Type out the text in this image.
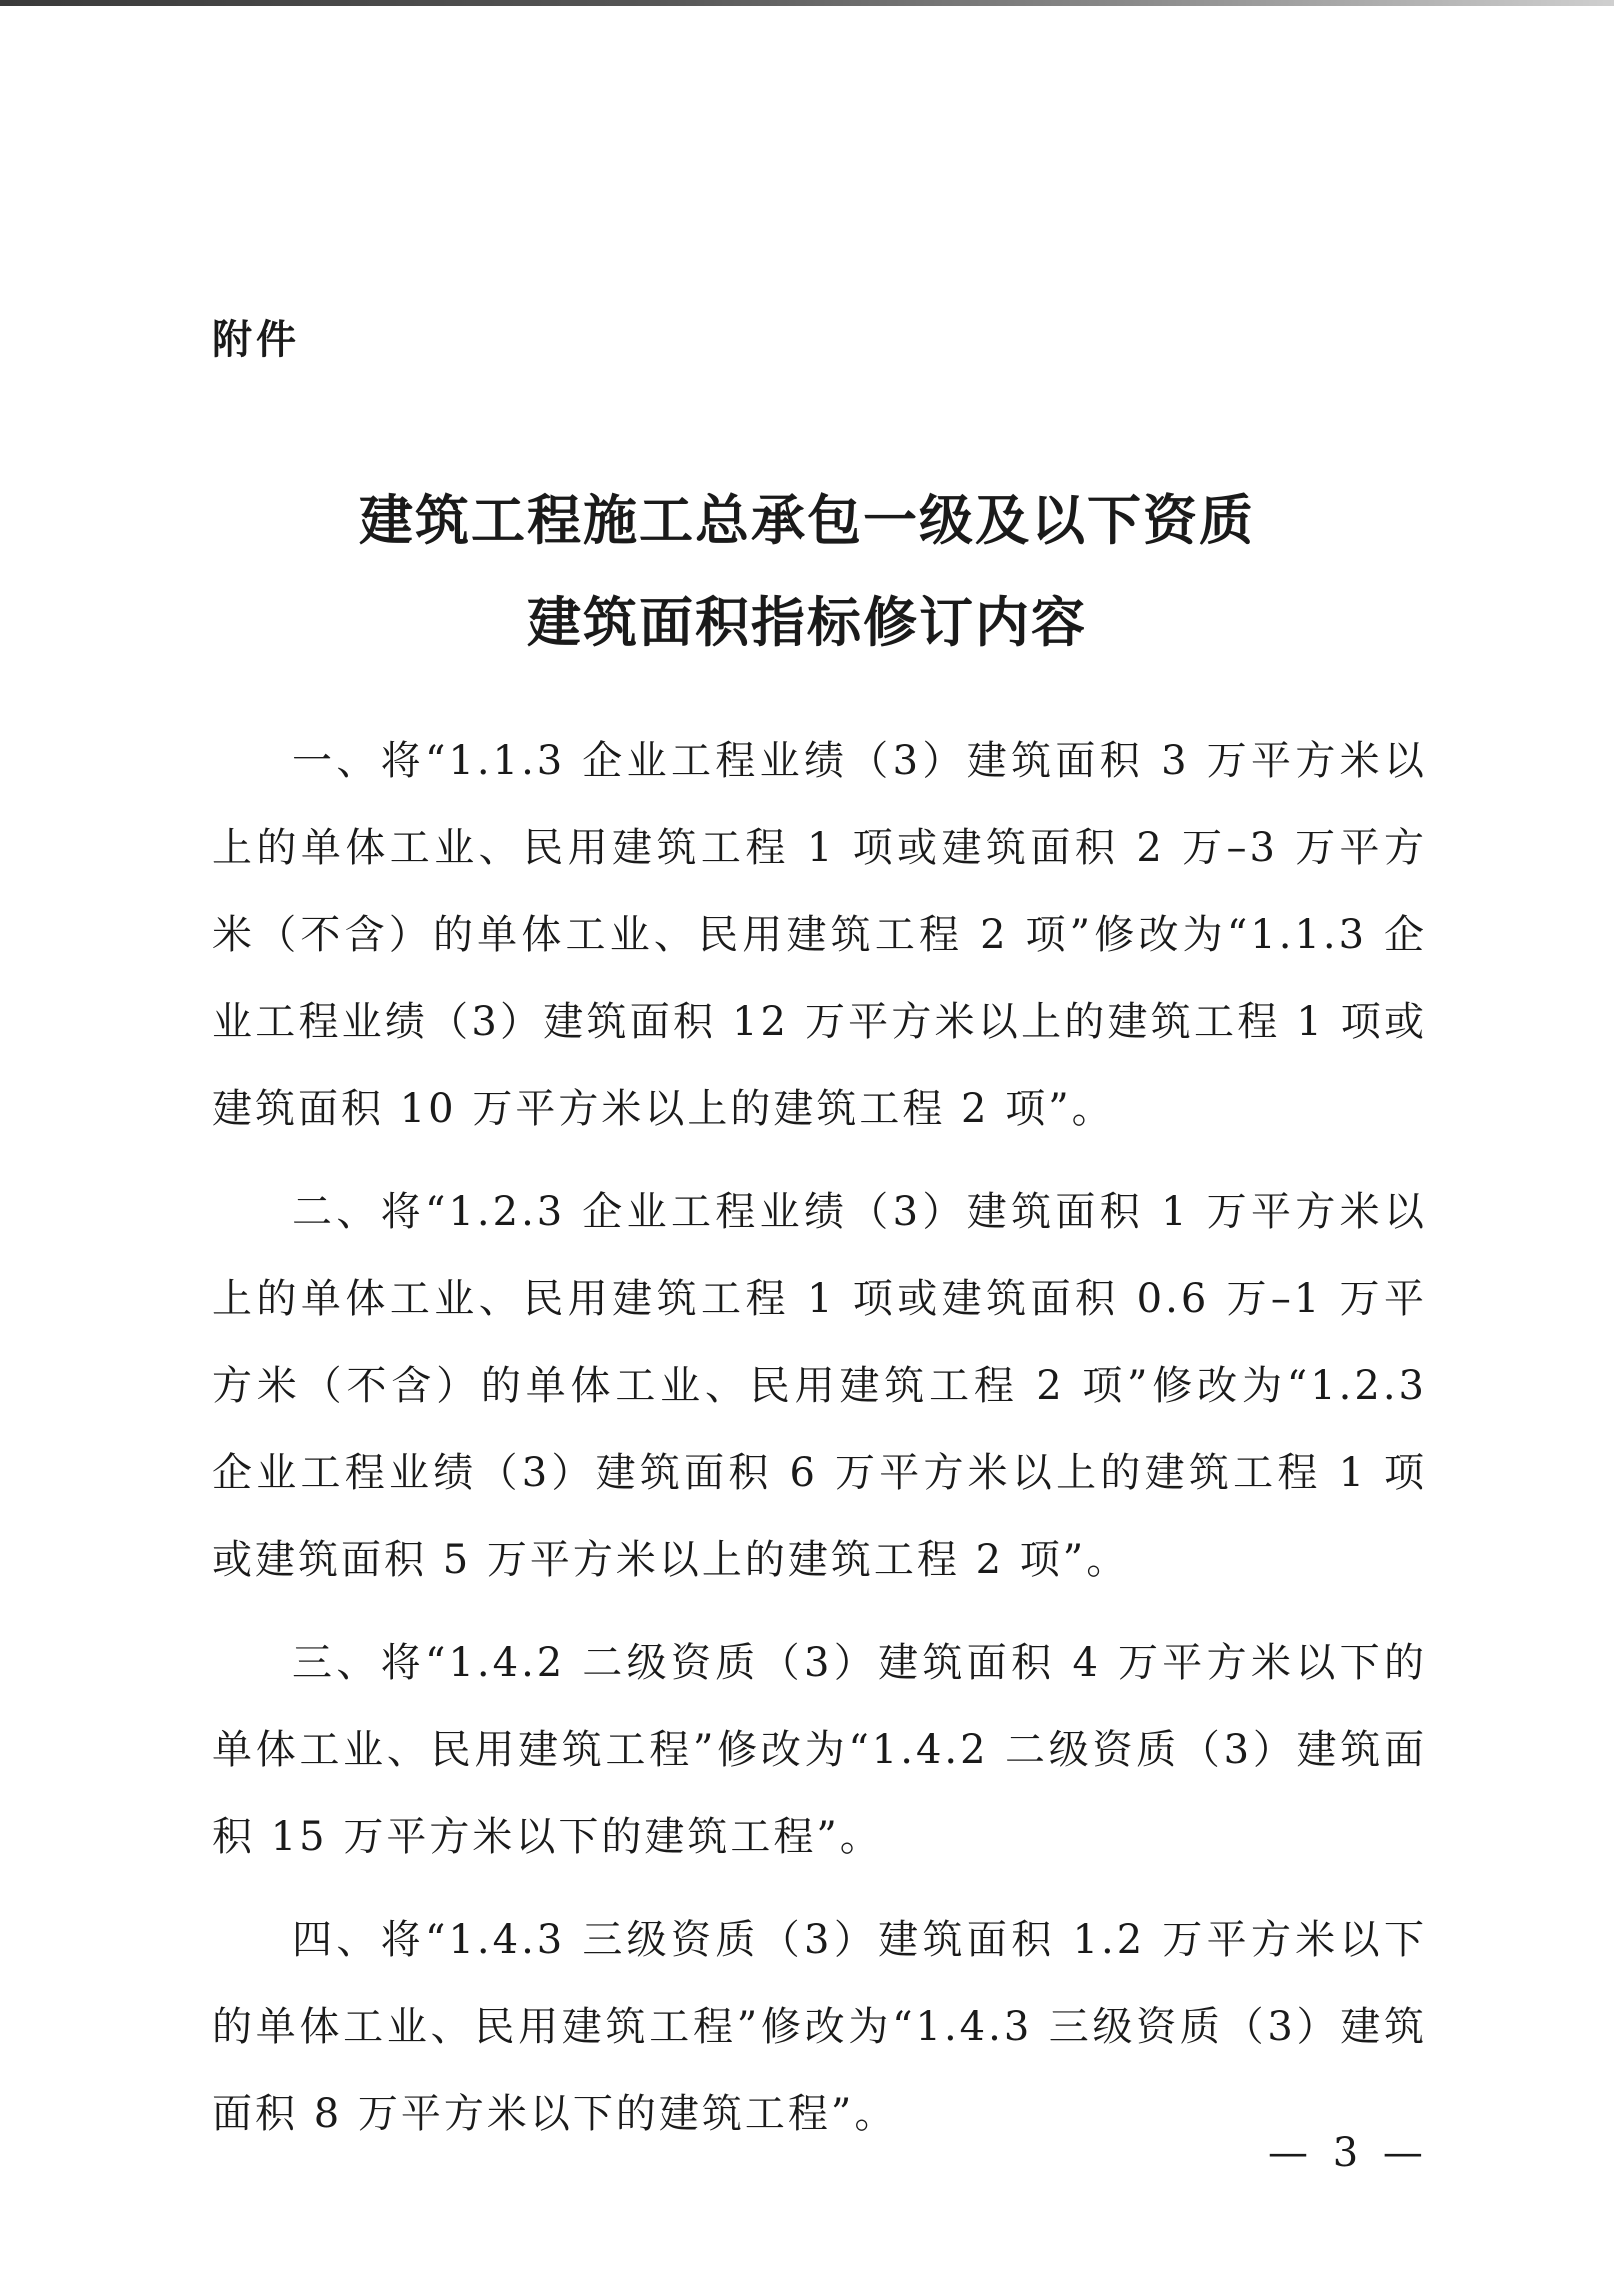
附件
建筑工程施工总承包一级及以下资质
建筑面积指标修订内容

一、将“1.1.3 企业工程业绩（3）建筑面积 3 万平方米以上的单体工业、民用建筑工程 1 项或建筑面积 2 万–3 万平方米（不含）的单体工业、民用建筑工程 2 项”修改为“1.1.3 企业工程业绩（3）建筑面积 12 万平方米以上的建筑工程 1 项或建筑面积 10 万平方米以上的建筑工程 2 项”。

二、将“1.2.3 企业工程业绩（3）建筑面积 1 万平方米以上的单体工业、民用建筑工程 1 项或建筑面积 0.6 万–1 万平方米（不含）的单体工业、民用建筑工程 2 项”修改为“1.2.3 企业工程业绩（3）建筑面积 6 万平方米以上的建筑工程 1 项或建筑面积 5 万平方米以上的建筑工程 2 项”。

三、将“1.4.2 二级资质（3）建筑面积 4 万平方米以下的单体工业、民用建筑工程”修改为“1.4.2 二级资质（3）建筑面积 15 万平方米以下的建筑工程”。

四、将“1.4.3 三级资质（3）建筑面积 1.2 万平方米以下的单体工业、民用建筑工程”修改为“1.4.3 三级资质（3）建筑面积 8 万平方米以下的建筑工程”。

— 3 —
